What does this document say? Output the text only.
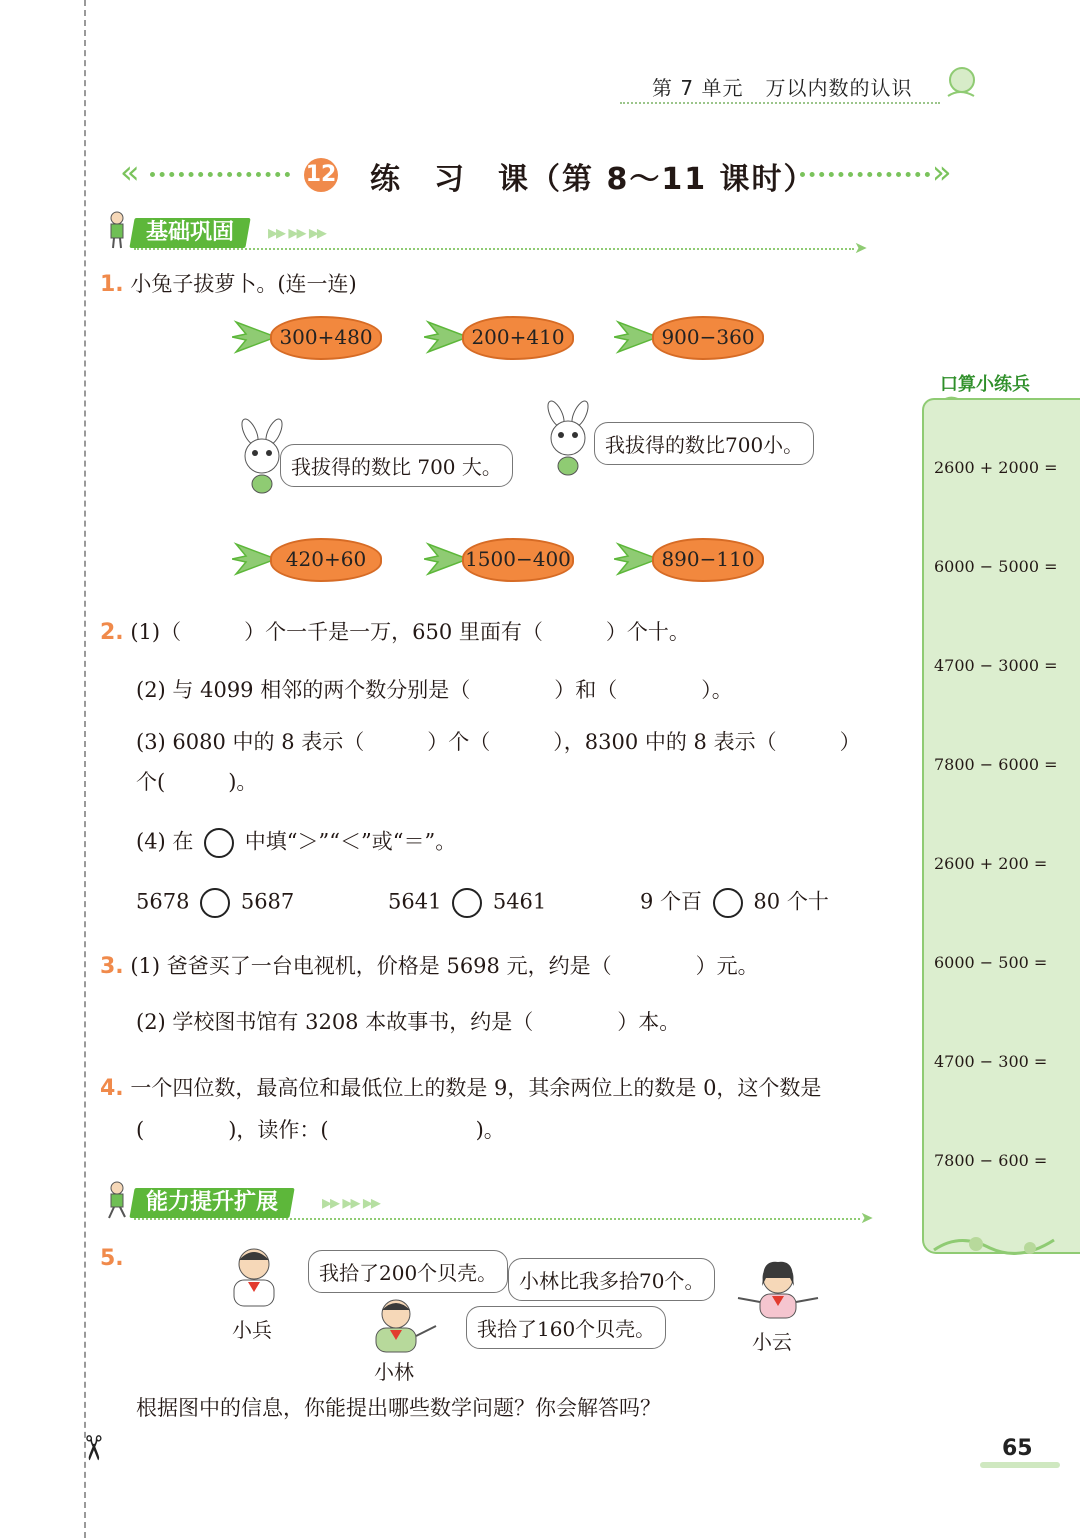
✂
第 7 单元 万以内数的认识
«	12 练　习　课（第 8～11 课时）	»
基础巩固	▸▸ ▸▸ ▸▸
➤
1. 小兔子拔萝卜。(连一连)
300+480	200+410	900−360
420+60	1500−400	890−110
我拔得的数比 700 大。
我拔得的数比700小。
2. (1)（　　　）个一千是一万，650 里面有（　　　）个十。
(2) 与 4099 相邻的两个数分别是（　　　　）和（　　　　）。
(3) 6080 中的 8 表示（　　　）个（　　　），8300 中的 8 表示（　　　）
个(　　　)。
(4) 在 中填“＞”“＜”或“＝”。
5678 5687	5641 5461	9 个百 80 个十
3. (1) 爸爸买了一台电视机，价格是 5698 元，约是（　　　　）元。
(2) 学校图书馆有 3208 本故事书，约是（　　　　）本。
4. 一个四位数，最高位和最低位上的数是 9，其余两位上的数是 0，这个数是
(　　　　)，读作：(　　　　　　　)。
能力提升扩展	▸▸ ▸▸ ▸▸
➤
5.
小兵
我拾了200个贝壳。	小林比我多拾70个。
小云
小林
我拾了160个贝壳。
根据图中的信息，你能提出哪些数学问题？你会解答吗？
口算小练兵
2600 + 2000 =
6000 − 5000 =
4700 − 3000 =
7800 − 6000 =
2600 + 200 =
6000 − 500 =
4700 − 300 =
7800 − 600 =
65
